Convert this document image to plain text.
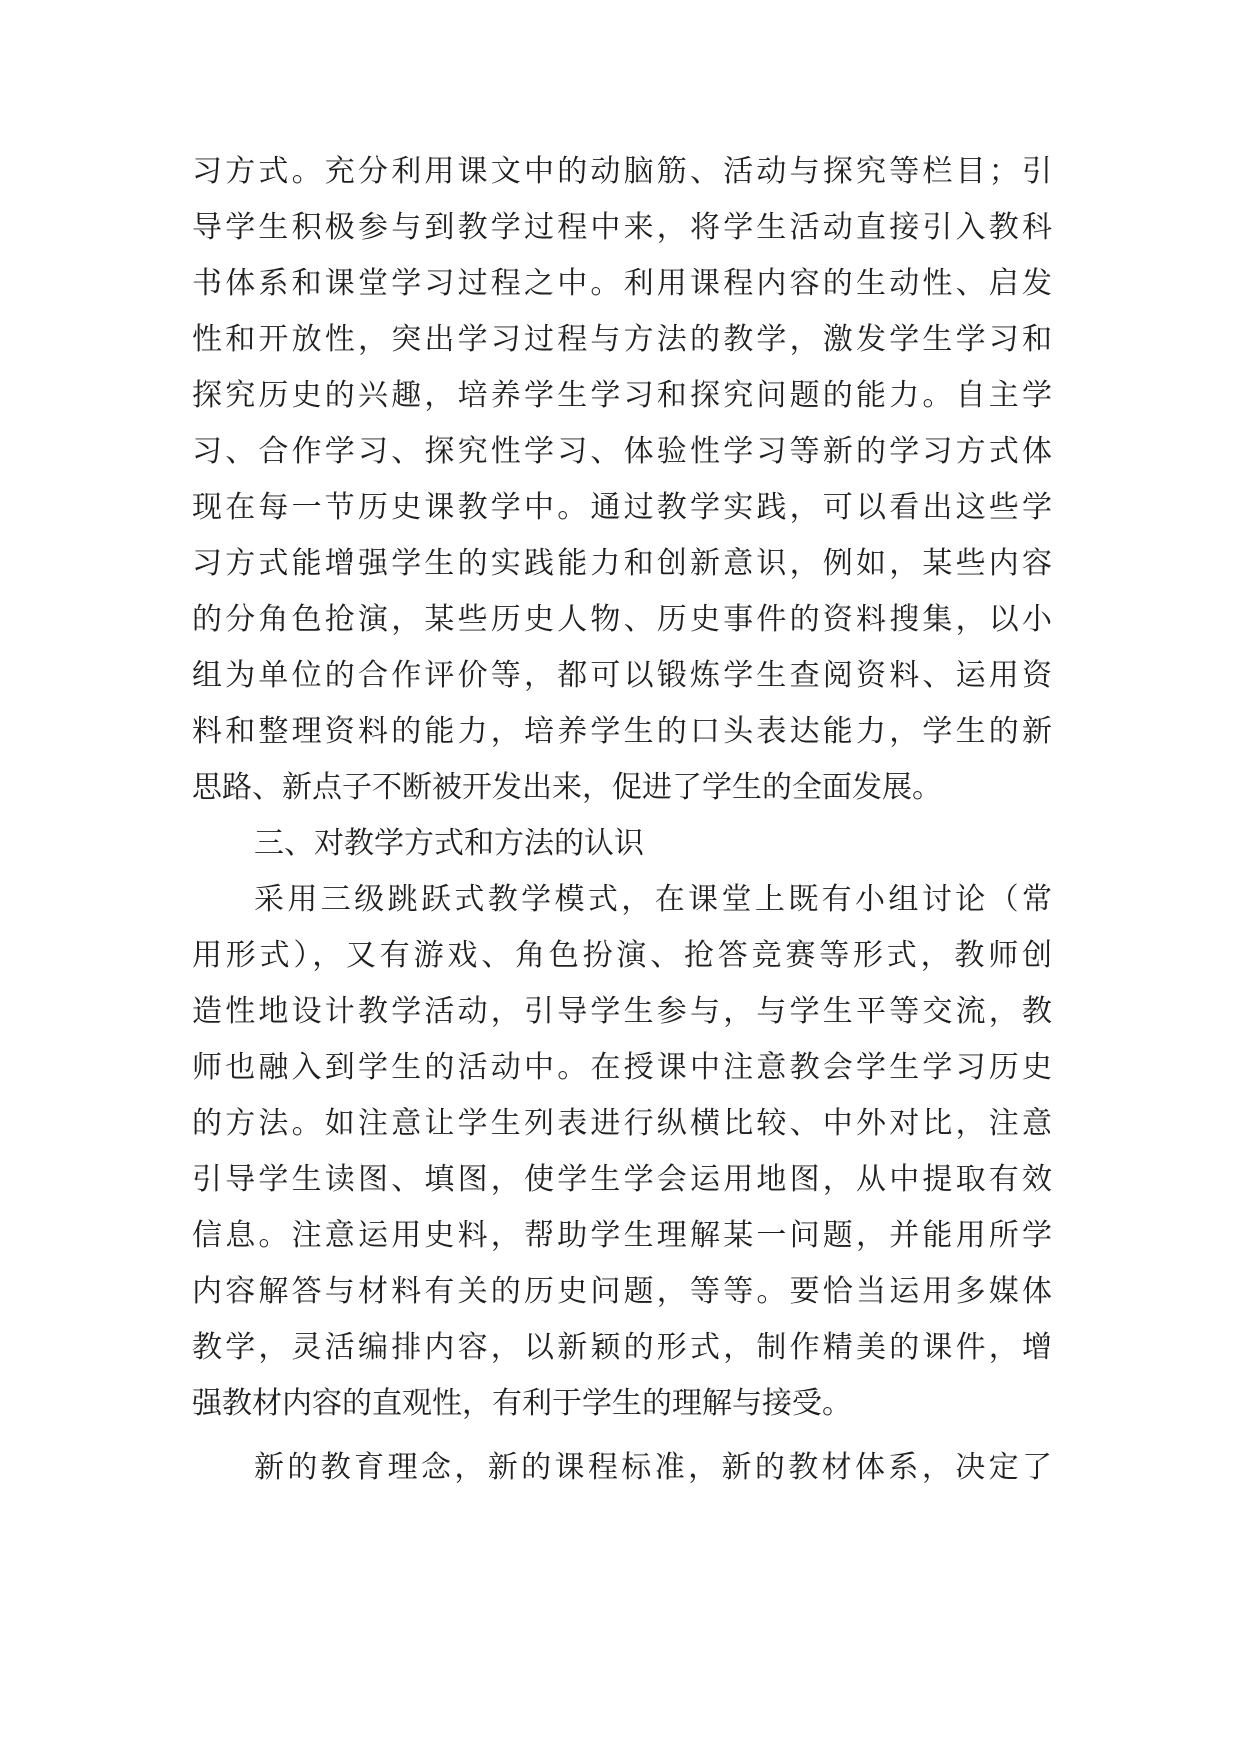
习方式。充分利用课文中的动脑筋、活动与探究等栏目；引
导学生积极参与到教学过程中来，将学生活动直接引入教科
书体系和课堂学习过程之中。利用课程内容的生动性、启发
性和开放性，突出学习过程与方法的教学，激发学生学习和
探究历史的兴趣，培养学生学习和探究问题的能力。自主学
习、合作学习、探究性学习、体验性学习等新的学习方式体
现在每一节历史课教学中。通过教学实践，可以看出这些学
习方式能增强学生的实践能力和创新意识，例如，某些内容
的分角色抢演，某些历史人物、历史事件的资料搜集，以小
组为单位的合作评价等，都可以锻炼学生查阅资料、运用资
料和整理资料的能力，培养学生的口头表达能力，学生的新
思路、新点子不断被开发出来，促进了学生的全面发展。
三、对教学方式和方法的认识
采用三级跳跃式教学模式，在课堂上既有小组讨论（常
用形式），又有游戏、角色扮演、抢答竞赛等形式，教师创
造性地设计教学活动，引导学生参与，与学生平等交流，教
师也融入到学生的活动中。在授课中注意教会学生学习历史
的方法。如注意让学生列表进行纵横比较、中外对比，注意
引导学生读图、填图，使学生学会运用地图，从中提取有效
信息。注意运用史料，帮助学生理解某一问题，并能用所学
内容解答与材料有关的历史问题，等等。要恰当运用多媒体
教学，灵活编排内容，以新颖的形式，制作精美的课件，增
强教材内容的直观性，有利于学生的理解与接受。
新的教育理念，新的课程标准，新的教材体系，决定了
